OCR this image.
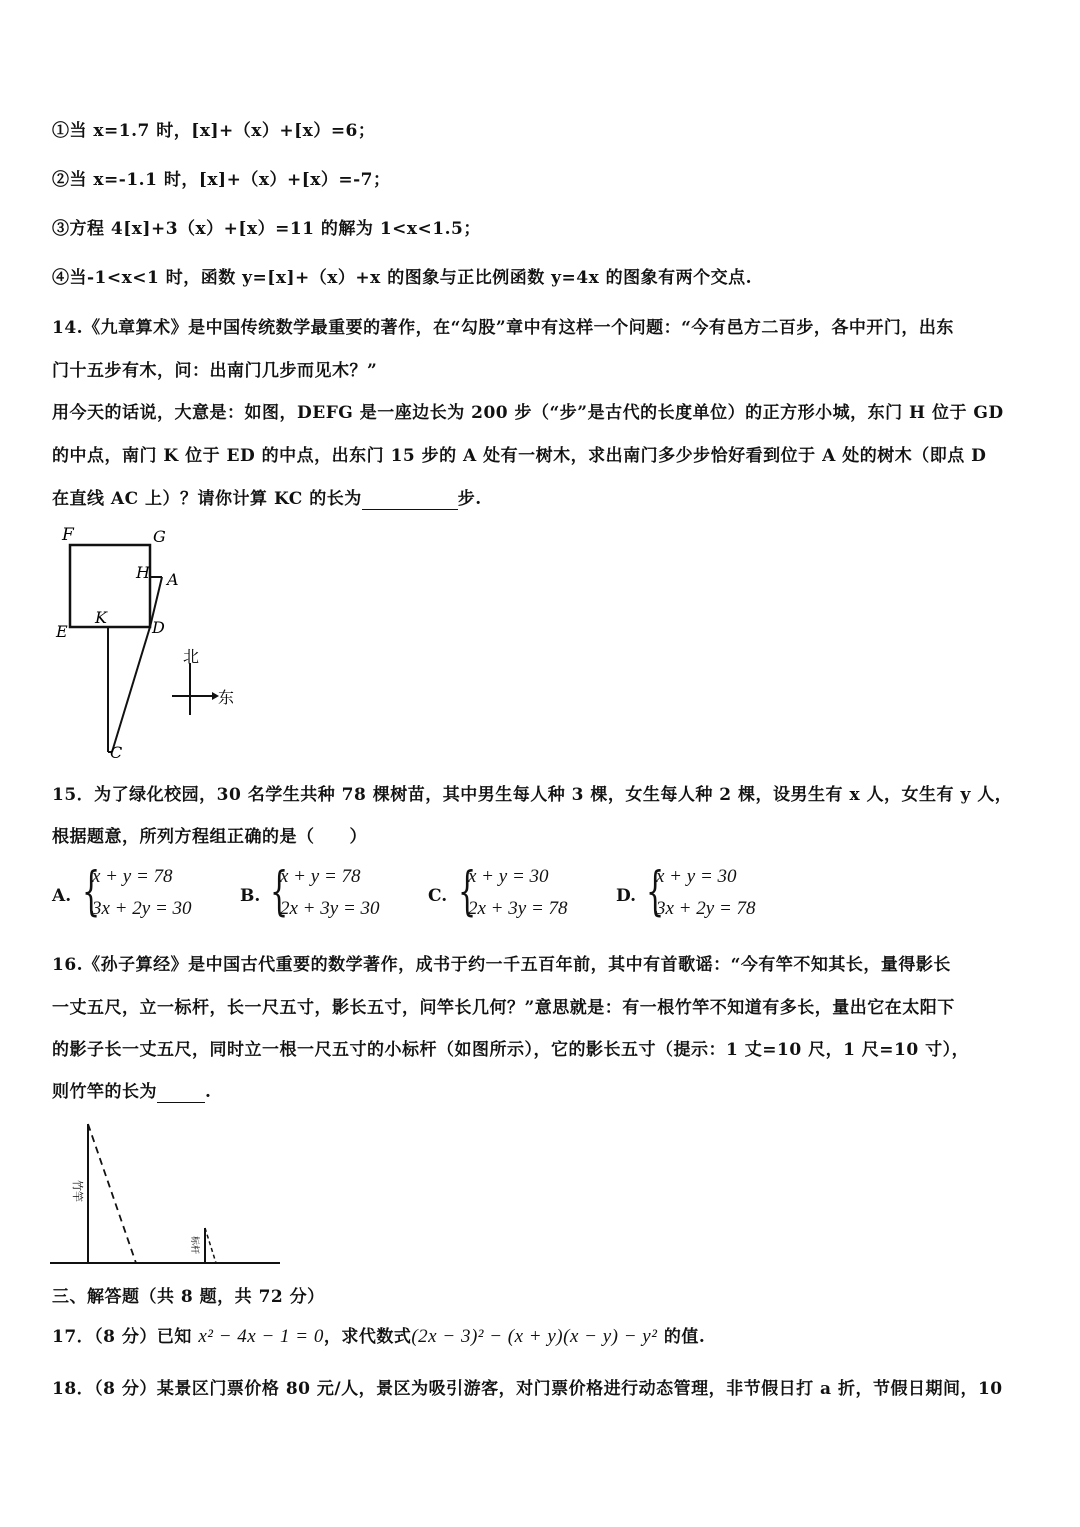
①当 x=1.7 时，[x]+（x）+[x）=6；
②当 x=-1.1 时，[x]+（x）+[x）=-7；
③方程 4[x]+3（x）+[x）=11 的解为 1<x<1.5；
④当-1<x<1 时，函数 y=[x]+（x）+x 的图象与正比例函数 y=4x 的图象有两个交点.
14.《九章算术》是中国传统数学最重要的著作，在“勾股”章中有这样一个问题：“今有邑方二百步，各中开门，出东
门十五步有木，问：出南门几步而见木？”
用今天的话说，大意是：如图，DEFG 是一座边长为 200 步（“步”是古代的长度单位）的正方形小城，东门 H 位于 GD
的中点，南门 K 位于 ED 的中点，出东门 15 步的 A 处有一树木，求出南门多少步恰好看到位于 A 处的树木（即点 D
在直线 AC 上）？请你计算 KC 的长为	步.
F	G
H A
E
K
D
C
北
东
15．为了绿化校园，30 名学生共种 78 棵树苗，其中男生每人种 3 棵，女生每人种 2 棵，设男生有 x 人，女生有 y 人，
根据题意，所列方程组正确的是（　　）
A. {
x + y = 78
3x + 2y = 30
B. {
x + y = 78
2x + 3y = 30
C. {
x + y = 30
2x + 3y = 78
D. {
x + y = 30
3x + 2y = 78
16.《孙子算经》是中国古代重要的数学著作，成书于约一千五百年前，其中有首歌谣：“今有竿不知其长，量得影长
一丈五尺，立一标杆，长一尺五寸，影长五寸，问竿长几何？”意思就是：有一根竹竿不知道有多长，量出它在太阳下
的影子长一丈五尺，同时立一根一尺五寸的小标杆（如图所示），它的影长五寸（提示：1 丈=10 尺，1 尺=10 寸），
则竹竿的长为	.
竹竿
标杆
三、解答题（共 8 题，共 72 分）
17．（8 分）已知 x² − 4x − 1 = 0，求代数式(2x − 3)² − (x + y)(x − y) − y² 的值.
18．（8 分）某景区门票价格 80 元/人，景区为吸引游客，对门票价格进行动态管理，非节假日打 a 折，节假日期间，10
